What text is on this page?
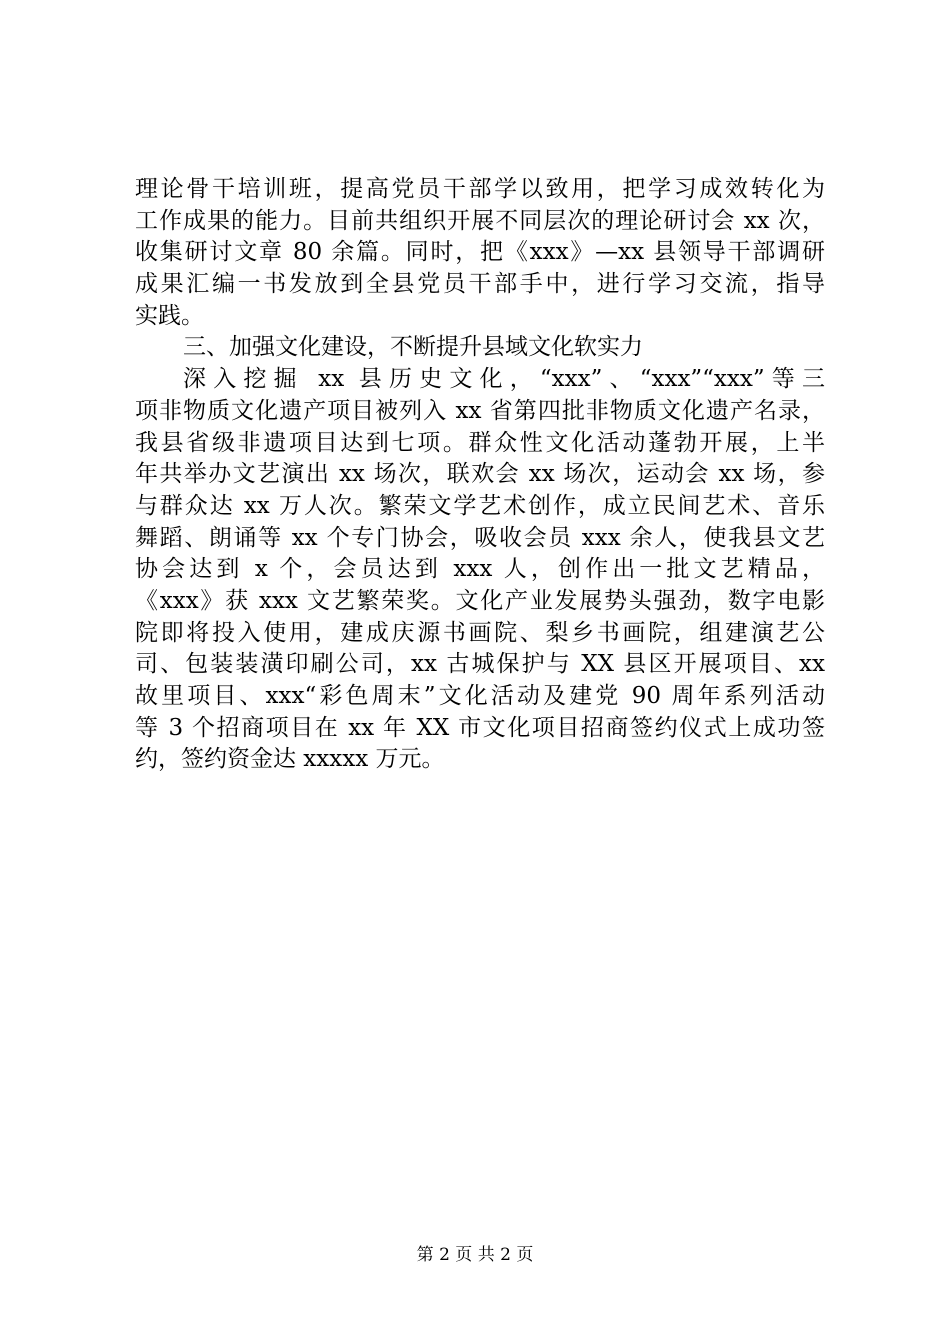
理论骨干培训班，提高党员干部学以致用，把学习成效转化为
工作成果的能力。目前共组织开展不同层次的理论研讨会 xx 次，
收集研讨文章 80 余篇。同时，把《xxx》—xx 县领导干部调研
成果汇编一书发放到全县党员干部手中，进行学习交流，指导
实践。
三、加强文化建设，不断提升县域文化软实力
深入挖掘 xx 县历史文化，“xxx”、“xxx”“xxx”等三
项非物质文化遗产项目被列入 xx 省第四批非物质文化遗产名录，
我县省级非遗项目达到七项。群众性文化活动蓬勃开展，上半
年共举办文艺演出 xx 场次，联欢会 xx 场次，运动会 xx 场，参
与群众达 xx 万人次。繁荣文学艺术创作，成立民间艺术、音乐
舞蹈、朗诵等 xx 个专门协会，吸收会员 xxx 余人，使我县文艺
协会达到 x 个，会员达到 xxx 人，创作出一批文艺精品，
《xxx》获 xxx 文艺繁荣奖。文化产业发展势头强劲，数字电影
院即将投入使用，建成庆源书画院、梨乡书画院，组建演艺公
司、包装装潢印刷公司，xx 古城保护与 XX 县区开展项目、xx
故里项目、xxx“彩色周末”文化活动及建党 90 周年系列活动
等 3 个招商项目在 xx 年 XX 市文化项目招商签约仪式上成功签
约，签约资金达 xxxxx 万元。
第 2 页 共 2 页
